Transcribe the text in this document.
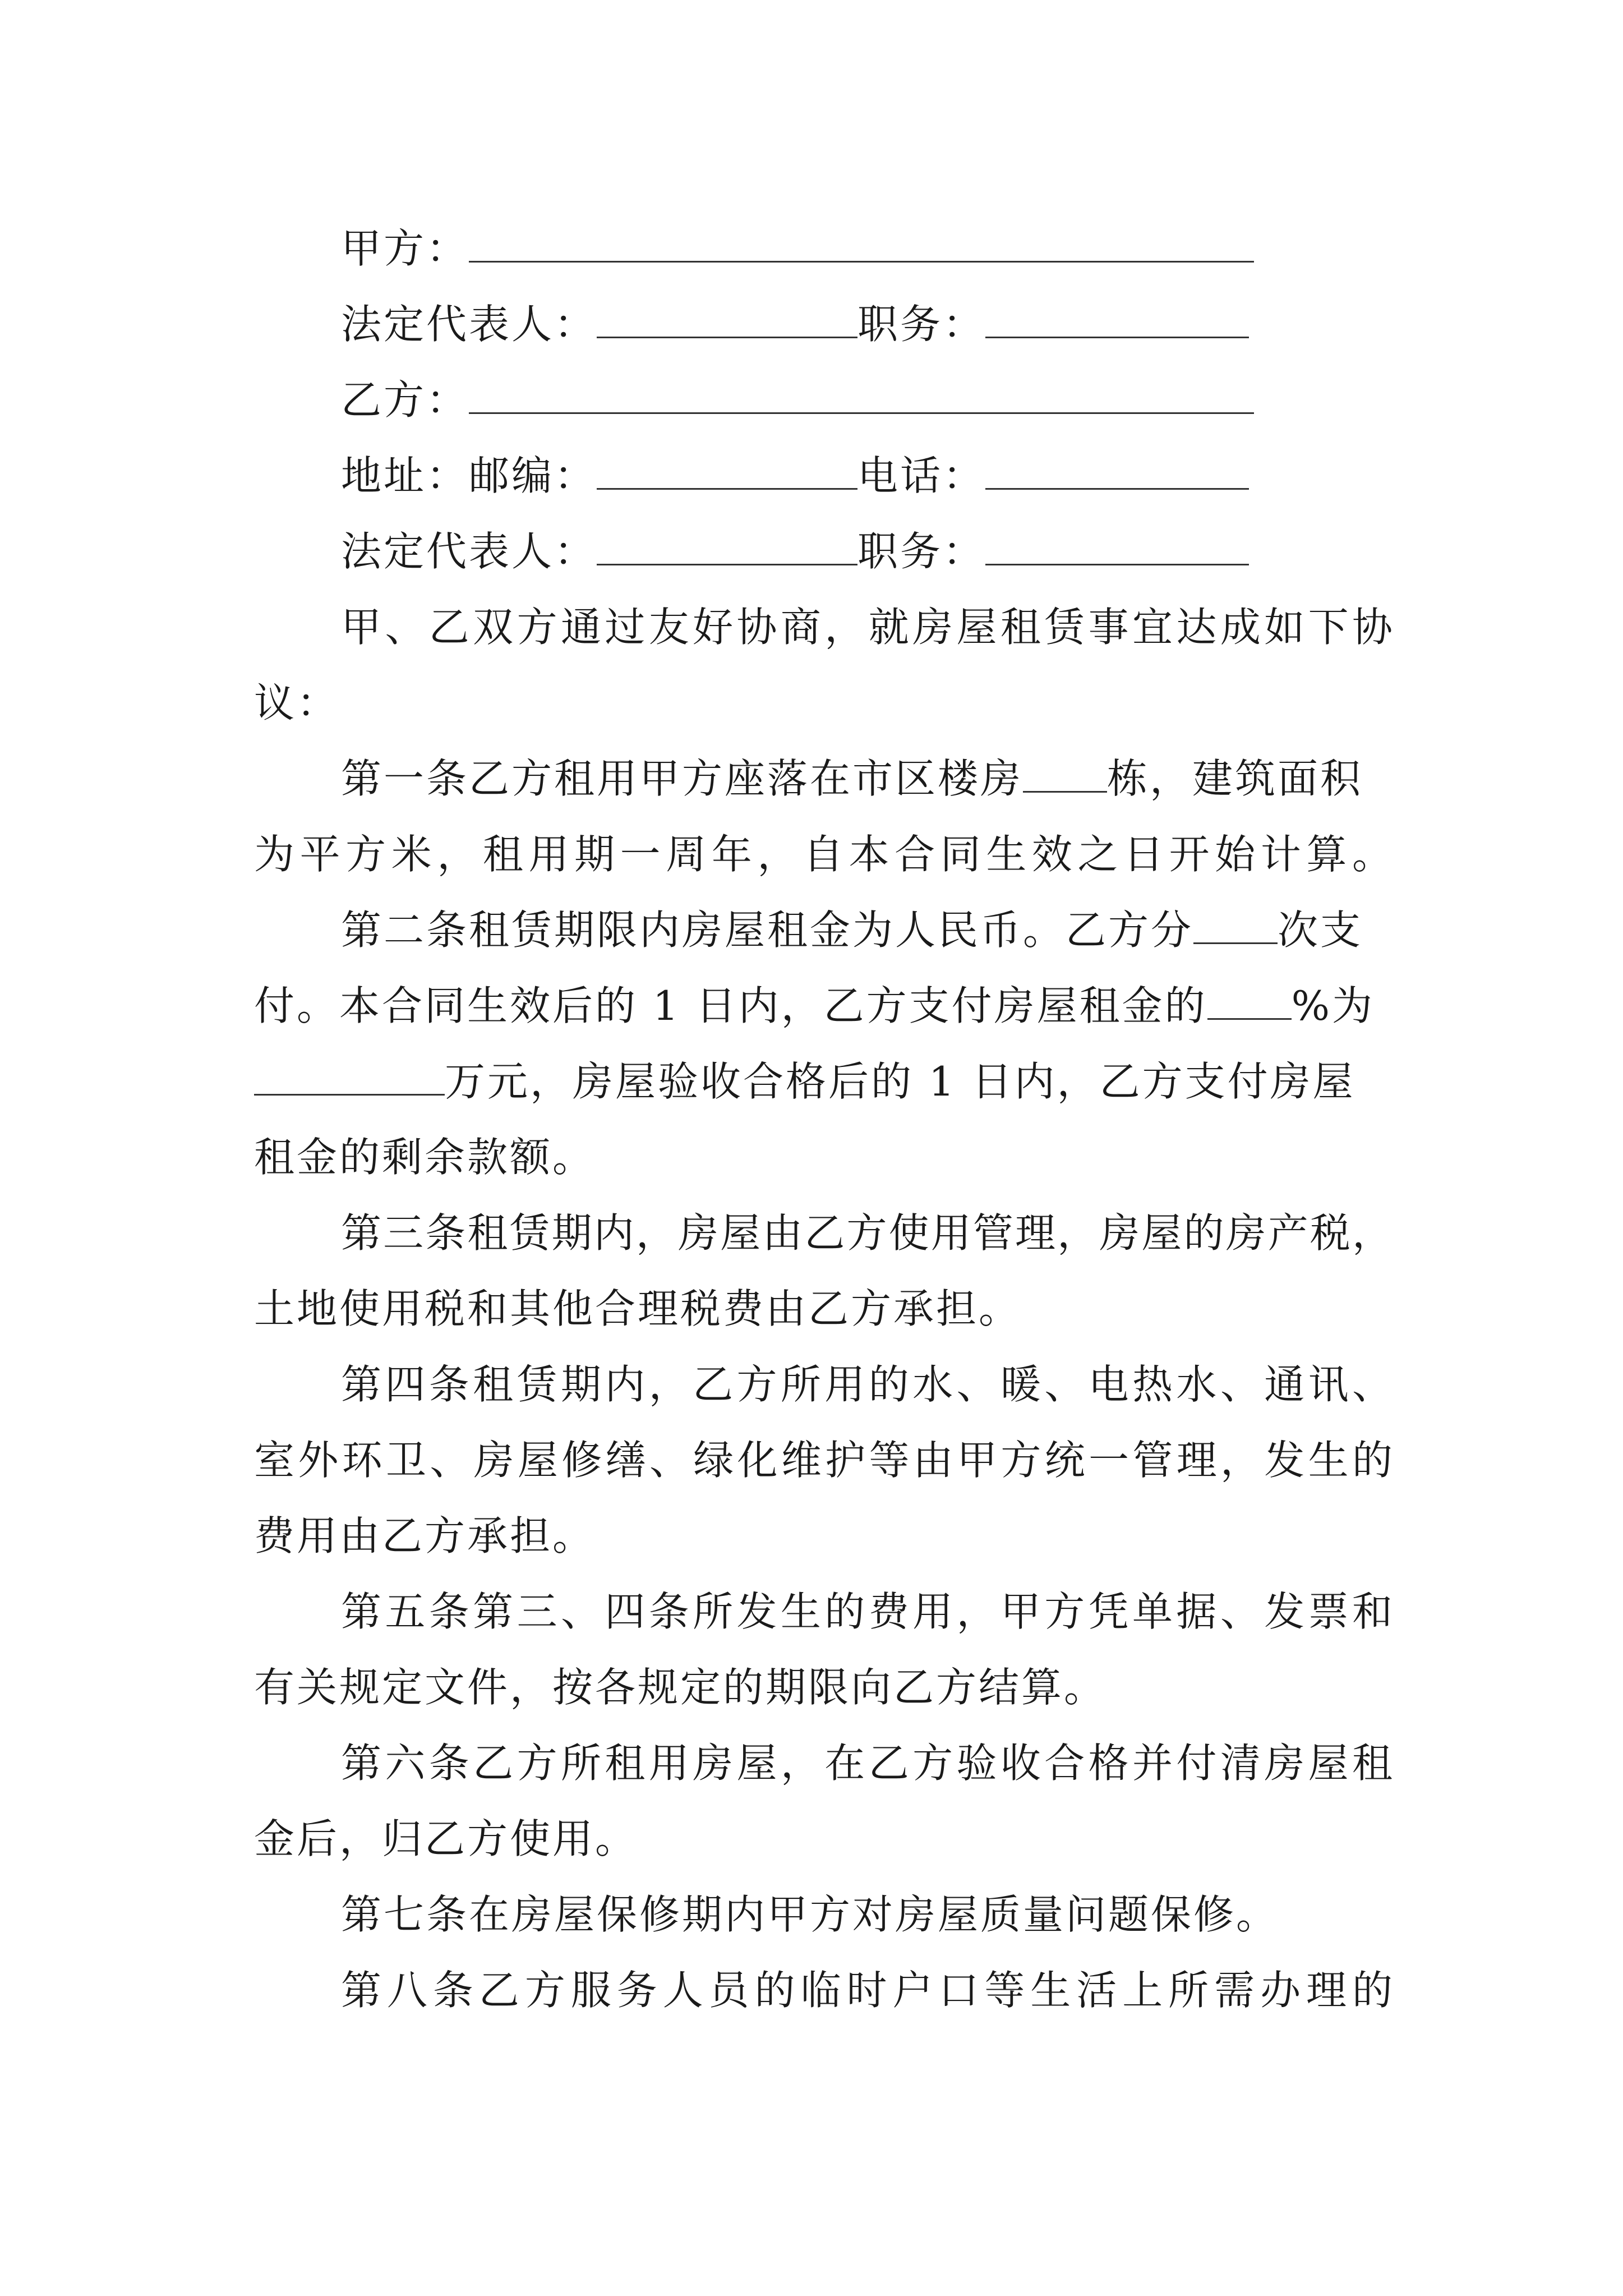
甲方：
法定代表人：	职务：
乙方：
地址：邮编：	电话：
法定代表人：	职务：
甲、乙双方通过友好协商，就房屋租赁事宜达成如下协
议：
第一条乙方租用甲方座落在市区楼房 栋，建筑面积
为平方米，租用期一周年，自本合同生效之日开始计算。
第二条租赁期限内房屋租金为人民币。乙方分 次支
付。本合同生效后的 1 日内，乙方支付房屋租金的 %为
万元，房屋验收合格后的 1 日内，乙方支付房屋
租金的剩余款额。
第三条租赁期内，房屋由乙方使用管理，房屋的房产税，
土地使用税和其他合理税费由乙方承担。
第四条租赁期内，乙方所用的水、暖、电热水、通讯、
室外环卫、房屋修缮、绿化维护等由甲方统一管理，发生的
费用由乙方承担。
第五条第三、四条所发生的费用，甲方凭单据、发票和
有关规定文件，按各规定的期限向乙方结算。
第六条乙方所租用房屋，在乙方验收合格并付清房屋租
金后，归乙方使用。
第七条在房屋保修期内甲方对房屋质量问题保修。
第八条乙方服务人员的临时户口等生活上所需办理的
